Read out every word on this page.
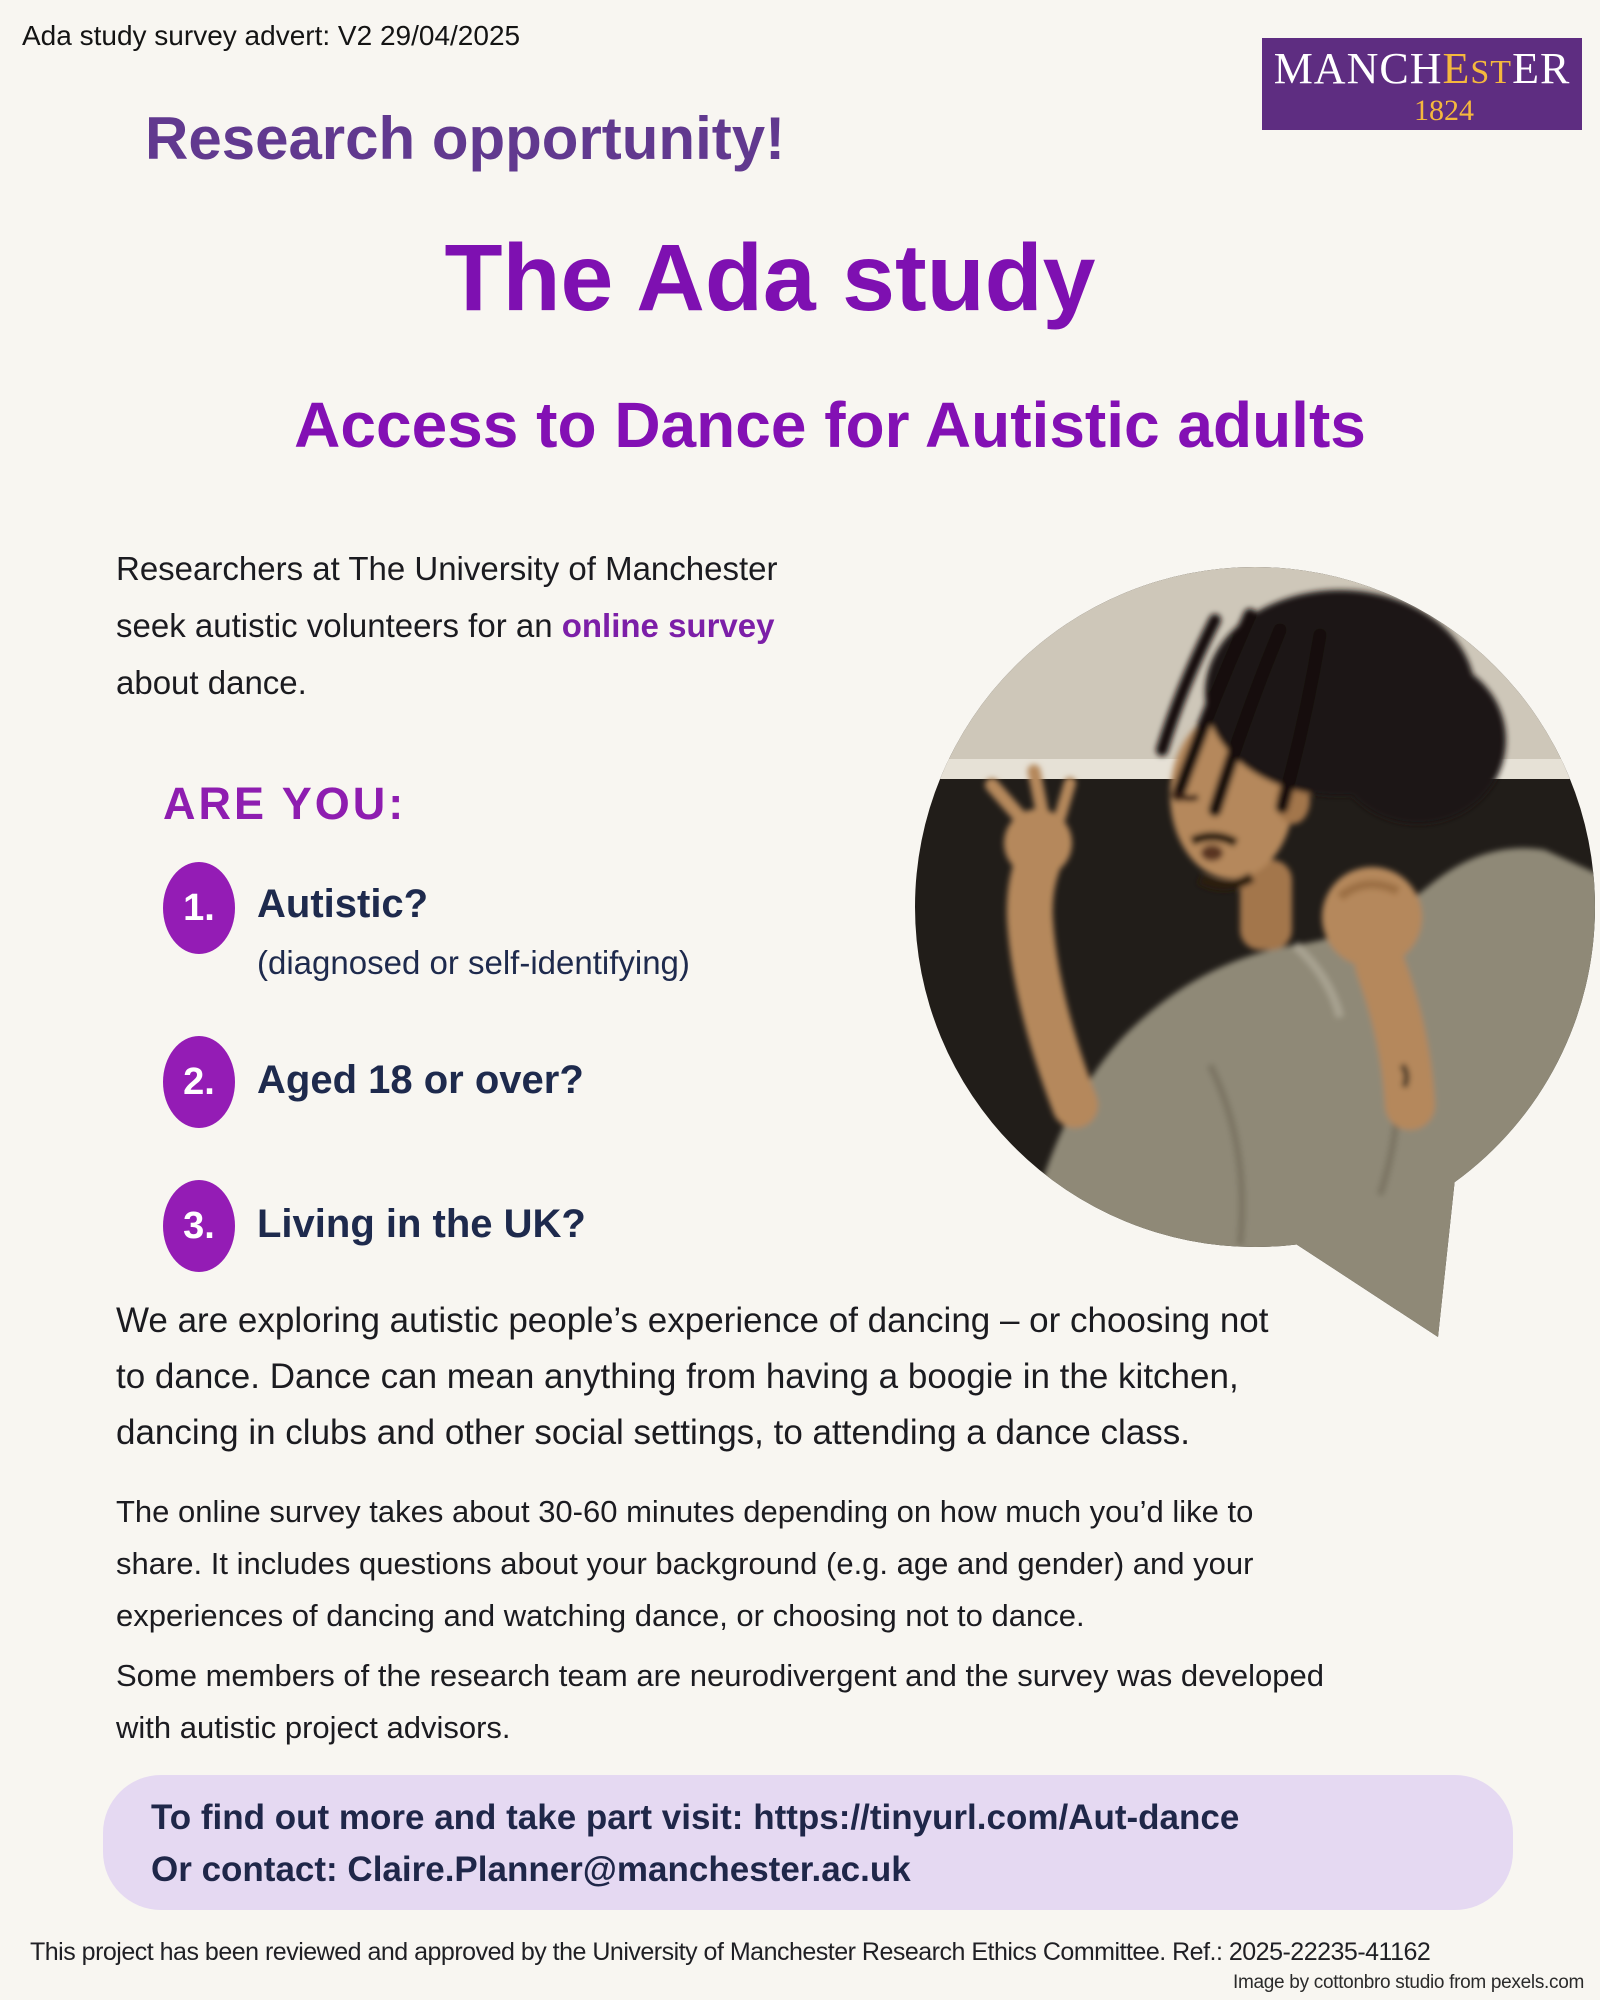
Ada study survey advert: V2 29/04/2025
MANCHESTER
1824
Research opportunity!
The Ada study
Access to Dance for Autistic adults
Researchers at The University of Manchester
seek autistic volunteers for an online survey
about dance.
ARE YOU:
1. Autistic?
(diagnosed or self-identifying)
2. Aged 18 or over?
3. Living in the UK?
We are exploring autistic people’s experience of dancing – or choosing not
to dance. Dance can mean anything from having a boogie in the kitchen,
dancing in clubs and other social settings, to attending a dance class.
The online survey takes about 30-60 minutes depending on how much you’d like to
share. It includes questions about your background (e.g. age and gender) and your
experiences of dancing and watching dance, or choosing not to dance.
Some members of the research team are neurodivergent and the survey was developed
with autistic project advisors.
To find out more and take part visit: https://tinyurl.com/Aut-dance
Or contact: Claire.Planner@manchester.ac.uk
This project has been reviewed and approved by the University of Manchester Research Ethics Committee. Ref.: 2025-22235-41162
Image by cottonbro studio from pexels.com
